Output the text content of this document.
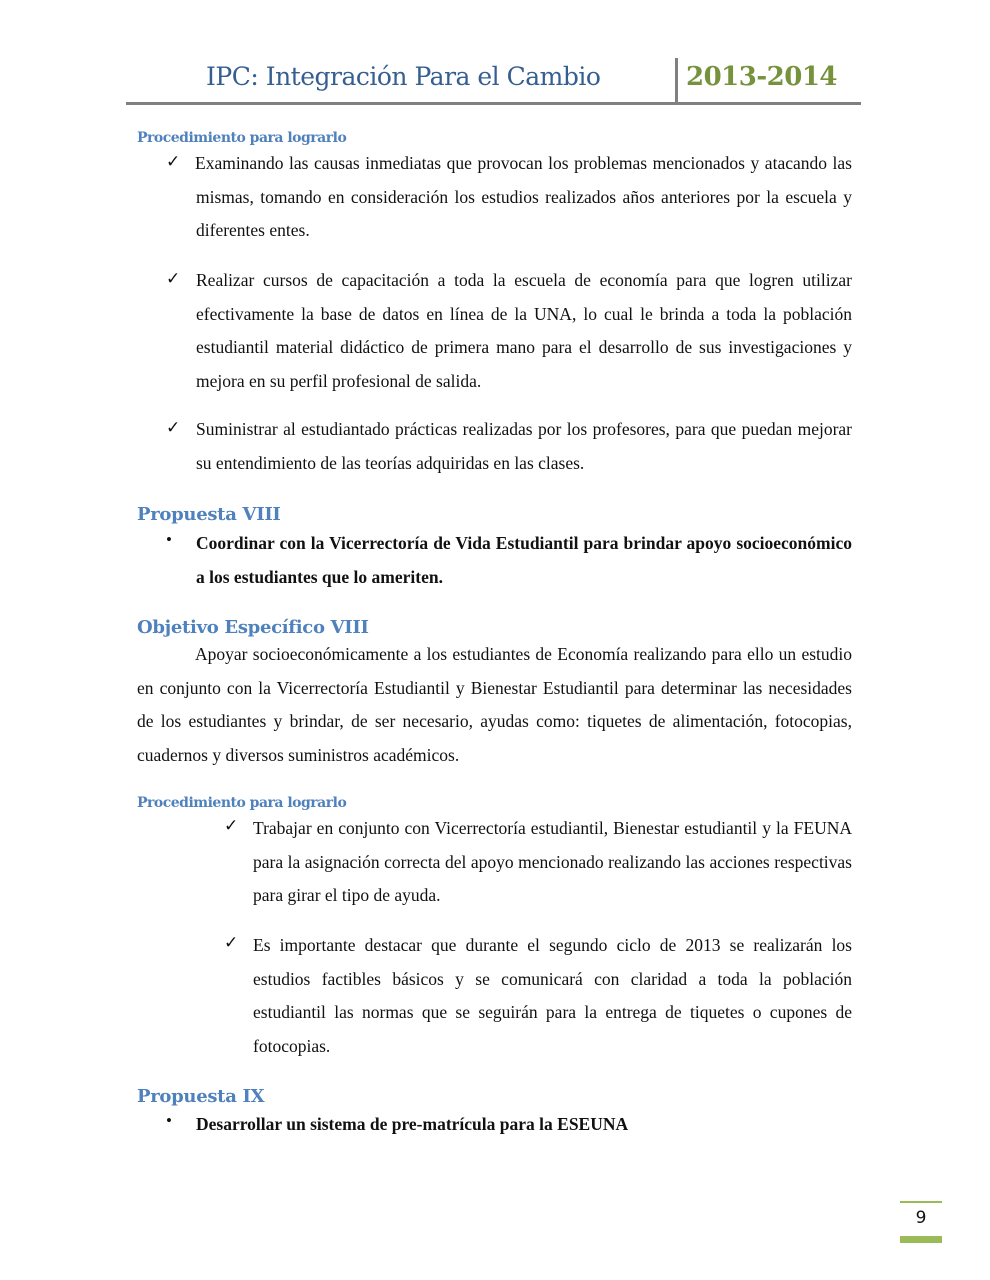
IPC: Integración Para el Cambio	2013-2014
Procedimiento para lograrlo
✓ Examinando las causas inmediatas que provocan los problemas mencionados y atacando las mismas, tomando en consideración los estudios realizados años anteriores por la escuela y diferentes entes.
✓ Realizar cursos de capacitación a toda la escuela de economía para que logren utilizar efectivamente la base de datos en línea de la UNA, lo cual le brinda a toda la población estudiantil material didáctico de primera mano para el desarrollo de sus investigaciones y mejora en su perfil profesional de salida.
✓ Suministrar al estudiantado prácticas realizadas por los profesores, para que puedan mejorar su entendimiento de las teorías adquiridas en las clases.
Propuesta VIII
• Coordinar con la Vicerrectoría de Vida Estudiantil para brindar apoyo socioeconómico a los estudiantes que lo ameriten.
Objetivo Específico VIII
Apoyar socioeconómicamente a los estudiantes de Economía realizando para ello un estudio en conjunto con la Vicerrectoría Estudiantil y Bienestar Estudiantil para determinar las necesidades de los estudiantes y brindar, de ser necesario, ayudas como: tiquetes de alimentación, fotocopias, cuadernos y diversos suministros académicos.
Procedimiento para lograrlo
✓ Trabajar en conjunto con Vicerrectoría estudiantil, Bienestar estudiantil y la FEUNA para la asignación correcta del apoyo mencionado realizando las acciones respectivas para girar el tipo de ayuda.
✓ Es importante destacar que durante el segundo ciclo de 2013 se realizarán los estudios factibles básicos y se comunicará con claridad a toda la población estudiantil las normas que se seguirán para la entrega de tiquetes o cupones de fotocopias.
Propuesta IX
• Desarrollar un sistema de pre-matrícula para la ESEUNA
9
